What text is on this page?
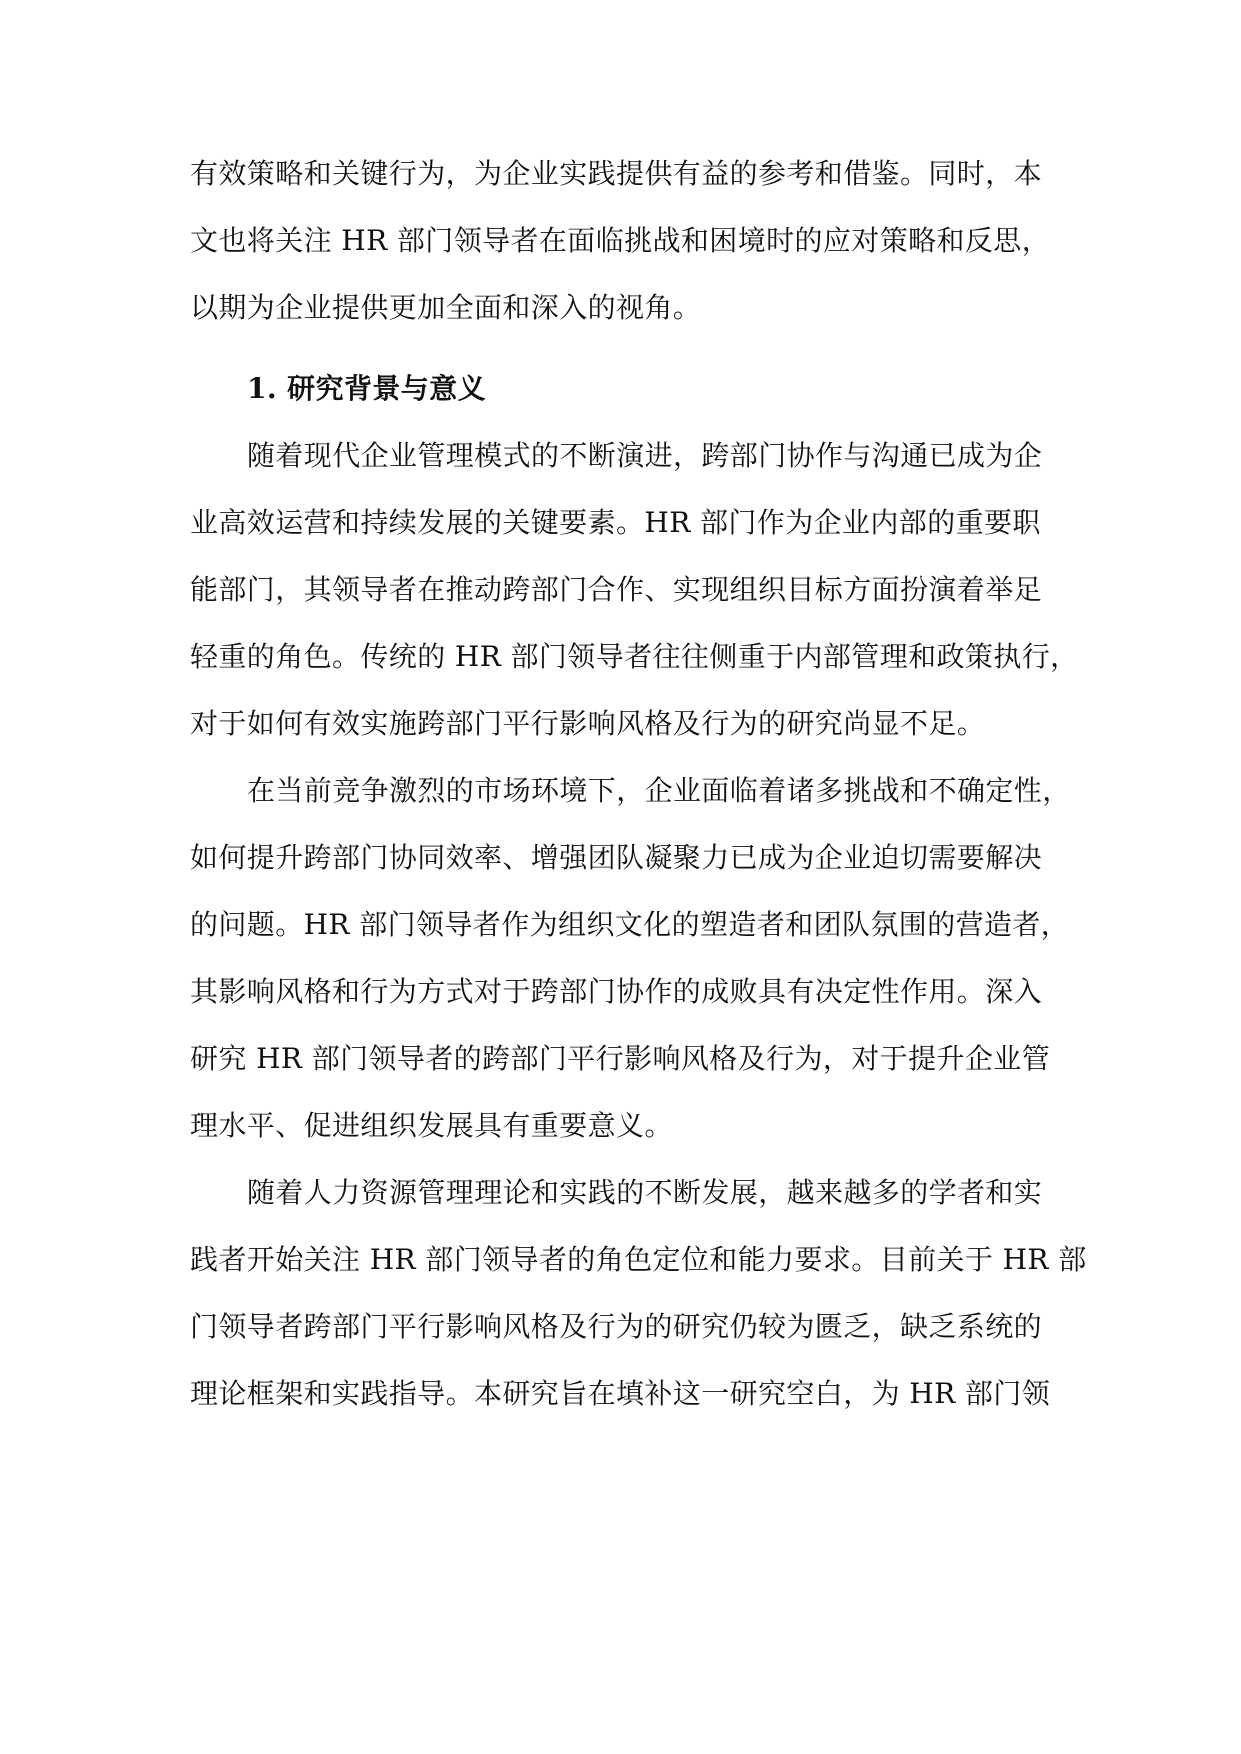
有效策略和关键行为，为企业实践提供有益的参考和借鉴。同时，本
文也将关注 HR 部门领导者在面临挑战和困境时的应对策略和反思，
以期为企业提供更加全面和深入的视角。
1. 研究背景与意义
随着现代企业管理模式的不断演进，跨部门协作与沟通已成为企
业高效运营和持续发展的关键要素。HR 部门作为企业内部的重要职
能部门，其领导者在推动跨部门合作、实现组织目标方面扮演着举足
轻重的角色。传统的 HR 部门领导者往往侧重于内部管理和政策执行，
对于如何有效实施跨部门平行影响风格及行为的研究尚显不足。
在当前竞争激烈的市场环境下，企业面临着诸多挑战和不确定性，
如何提升跨部门协同效率、增强团队凝聚力已成为企业迫切需要解决
的问题。HR 部门领导者作为组织文化的塑造者和团队氛围的营造者，
其影响风格和行为方式对于跨部门协作的成败具有决定性作用。深入
研究 HR 部门领导者的跨部门平行影响风格及行为，对于提升企业管
理水平、促进组织发展具有重要意义。
随着人力资源管理理论和实践的不断发展，越来越多的学者和实
践者开始关注 HR 部门领导者的角色定位和能力要求。目前关于 HR 部
门领导者跨部门平行影响风格及行为的研究仍较为匮乏，缺乏系统的
理论框架和实践指导。本研究旨在填补这一研究空白，为 HR 部门领
